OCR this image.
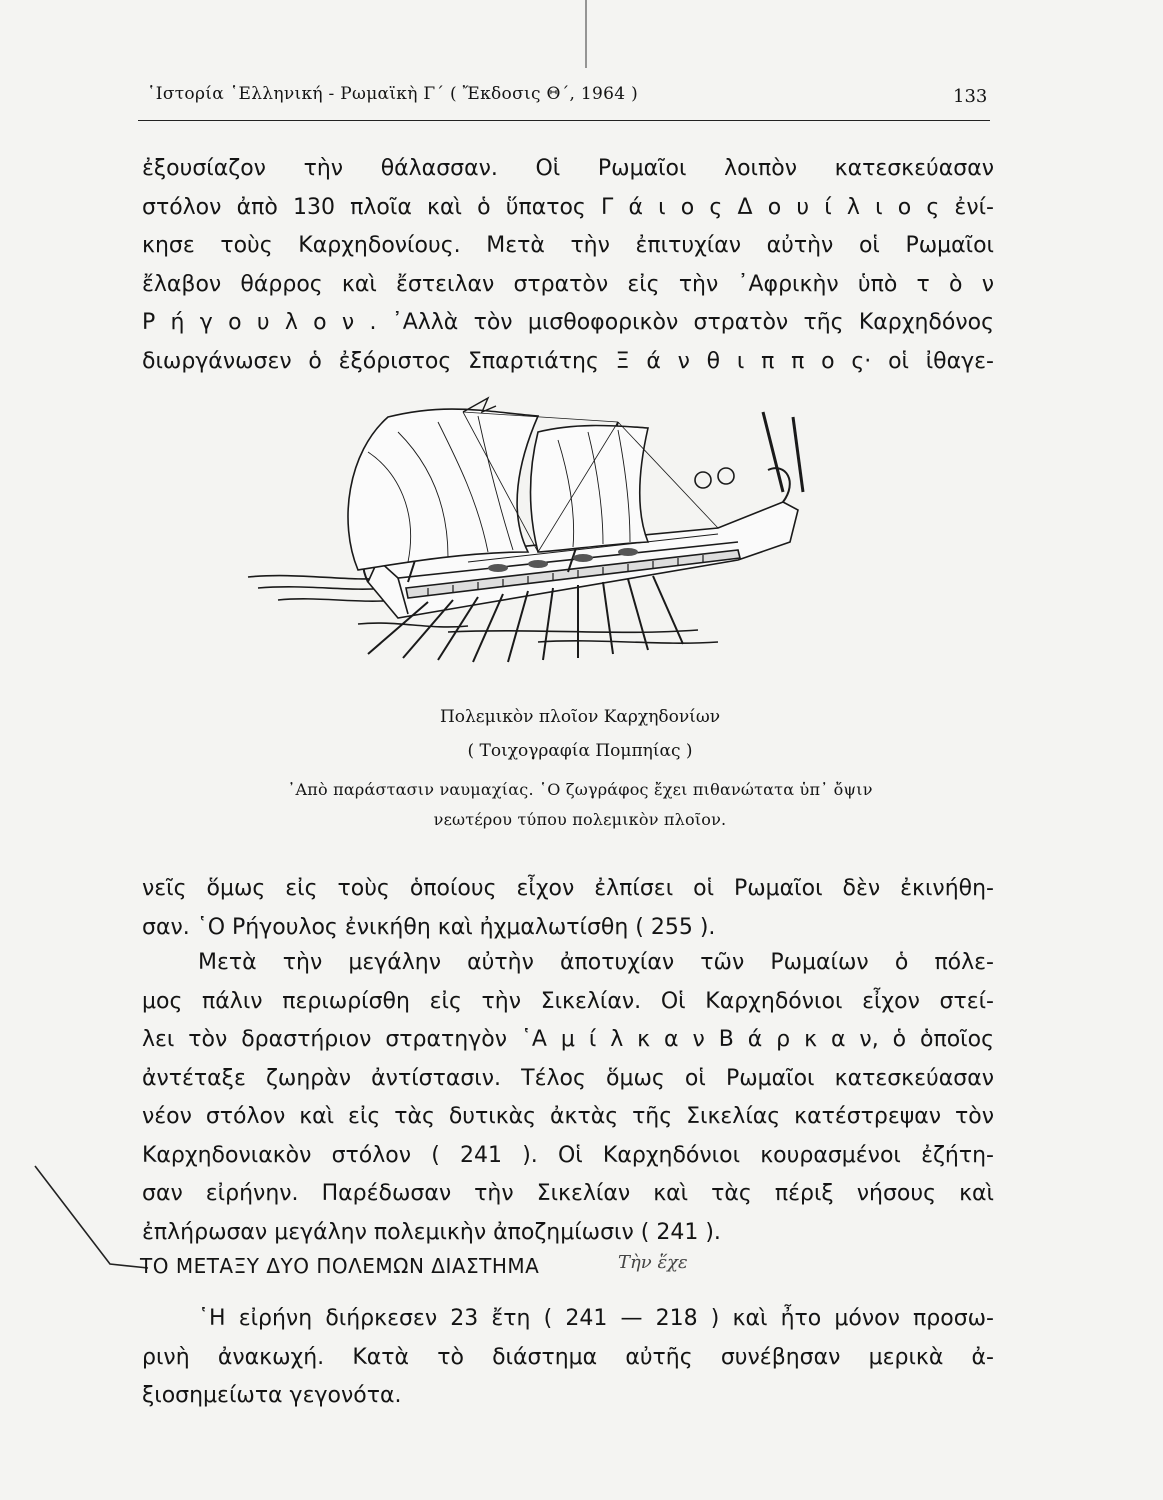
῾Ιστορία ῾Ελληνική - Ρωμαϊκὴ Γ΄ ( Ἔκδοσις Θ΄, 1964 )	133
ἐξουσίαζον τὴν θάλασσαν. Οἱ Ρωμαῖοι λοιπὸν κατεσκεύασαν
στόλον ἀπὸ 130 πλοῖα καὶ ὁ ὕπατος Γ ά ι ο ς Δ ο υ ί λ ι ο ς ἐνί-
κησε τοὺς Καρχηδονίους. Μετὰ τὴν ἐπιτυχίαν αὐτὴν οἱ Ρωμαῖοι
ἔλαβον θάρρος καὶ ἔστειλαν στρατὸν εἰς τὴν ᾿Αφρικὴν ὑπὸ τ ὸ ν
Ρ ή γ ο υ λ ο ν . ᾿Αλλὰ τὸν μισθοφορικὸν στρατὸν τῆς Καρχηδόνος
διωργάνωσεν ὁ ἐξόριστος Σπαρτιάτης Ξ ά ν θ ι π π ο ς· οἱ ἰθαγε-
Πολεμικὸν πλοῖον Καρχηδονίων
( Τοιχογραφία Πομπηίας )
᾿Απὸ παράστασιν ναυμαχίας. ῾Ο ζωγράφος ἔχει πιθανώτατα ὑπ᾿ ὄψιν
νεωτέρου τύπου πολεμικὸν πλοῖον.
νεῖς ὅμως εἰς τοὺς ὁποίους εἶχον ἐλπίσει οἱ Ρωμαῖοι δὲν ἐκινήθη-
σαν. ῾Ο Ρήγουλος ἐνικήθη καὶ ἠχμαλωτίσθη ( 255 ).
Μετὰ τὴν μεγάλην αὐτὴν ἀποτυχίαν τῶν Ρωμαίων ὁ πόλε-
μος πάλιν περιωρίσθη εἰς τὴν Σικελίαν. Οἱ Καρχηδόνιοι εἶχον στεί-
λει τὸν δραστήριον στρατηγὸν ῾Α μ ί λ κ α ν Β ά ρ κ α ν, ὁ ὁποῖος
ἀντέταξε ζωηρὰν ἀντίστασιν. Τέλος ὅμως οἱ Ρωμαῖοι κατεσκεύασαν
νέον στόλον καὶ εἰς τὰς δυτικὰς ἀκτὰς τῆς Σικελίας κατέστρεψαν τὸν
Καρχηδονιακὸν στόλον ( 241 ). Οἱ Καρχηδόνιοι κουρασμένοι ἐζήτη-
σαν εἰρήνην. Παρέδωσαν τὴν Σικελίαν καὶ τὰς πέριξ νήσους καὶ
ἐπλήρωσαν μεγάλην πολεμικὴν ἀποζημίωσιν ( 241 ).
ΤΟ ΜΕΤΑΞΥ ΔΥΟ ΠΟΛΕΜΩΝ ΔΙΑΣΤΗΜΑ	Τὴν ἕχε
῾Η εἰρήνη διήρκεσεν 23 ἔτη ( 241 — 218 ) καὶ ἦτο μόνον προσω-
ρινὴ ἀνακωχή. Κατὰ τὸ διάστημα αὐτῆς συνέβησαν μερικὰ ἀ-
ξιοσημείωτα γεγονότα.
